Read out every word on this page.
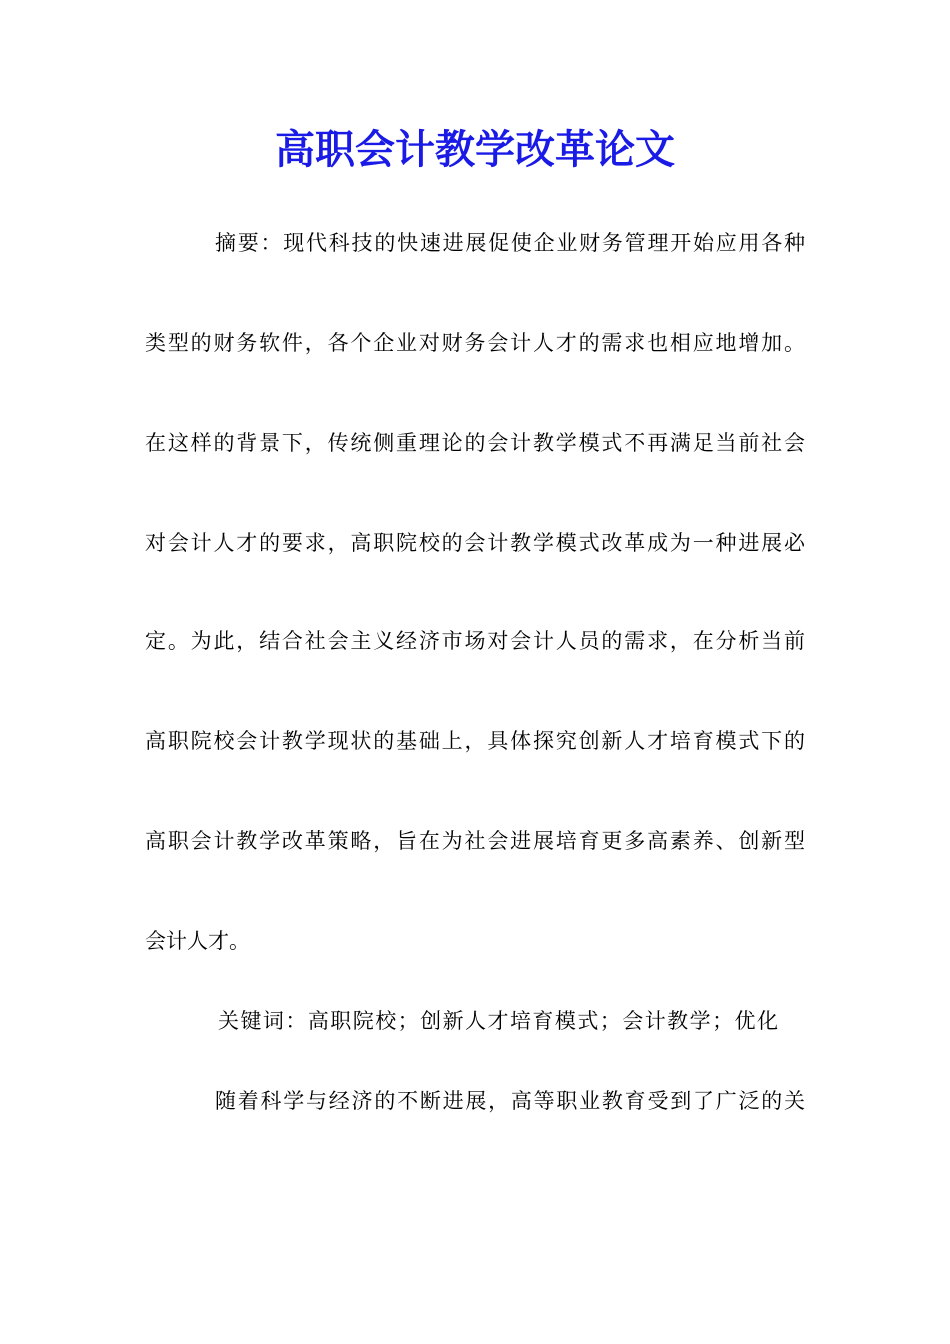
高职会计教学改革论文

摘要：现代科技的快速进展促使企业财务管理开始应用各种

类型的财务软件，各个企业对财务会计人才的需求也相应地增加。

在这样的背景下，传统侧重理论的会计教学模式不再满足当前社会

对会计人才的要求，高职院校的会计教学模式改革成为一种进展必

定。为此，结合社会主义经济市场对会计人员的需求，在分析当前

高职院校会计教学现状的基础上，具体探究创新人才培育模式下的

高职会计教学改革策略，旨在为社会进展培育更多高素养、创新型

会计人才。

关键词：高职院校；创新人才培育模式；会计教学；优化

随着科学与经济的不断进展，高等职业教育受到了广泛的关
